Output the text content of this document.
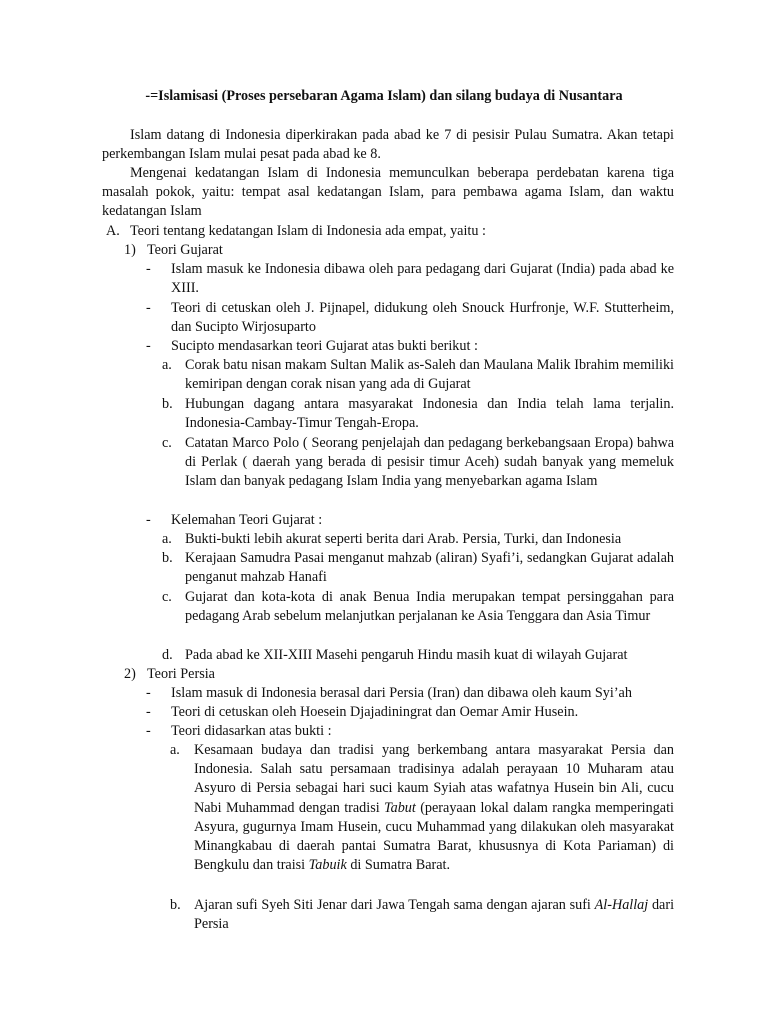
-=Islamisasi (Proses persebaran Agama Islam) dan silang budaya di Nusantara
Islam datang di Indonesia diperkirakan pada abad ke 7 di pesisir Pulau Sumatra. Akan tetapi perkembangan Islam mulai pesat pada abad ke 8.
Mengenai kedatangan Islam di Indonesia memunculkan beberapa perdebatan karena tiga masalah pokok, yaitu: tempat asal kedatangan Islam, para pembawa agama Islam, dan waktu kedatangan Islam
A. Teori tentang kedatangan Islam di Indonesia ada empat, yaitu :
1) Teori Gujarat
-	Islam masuk ke Indonesia dibawa oleh para pedagang dari Gujarat (India) pada abad ke XIII.
-	Teori di cetuskan oleh J. Pijnapel, didukung oleh Snouck Hurfronje, W.F. Stutterheim, dan Sucipto Wirjosuparto
-	Sucipto mendasarkan teori Gujarat atas bukti berikut :
a. Corak batu nisan makam Sultan Malik as-Saleh dan Maulana Malik Ibrahim memiliki kemiripan dengan corak nisan yang ada di Gujarat
b. Hubungan dagang antara masyarakat Indonesia dan India telah lama terjalin. Indonesia-Cambay-Timur Tengah-Eropa.
c. Catatan Marco Polo ( Seorang penjelajah dan pedagang berkebangsaan Eropa) bahwa di Perlak ( daerah yang berada di pesisir timur Aceh) sudah banyak yang memeluk Islam dan banyak pedagang Islam India yang menyebarkan agama Islam
-	Kelemahan Teori Gujarat :
a. Bukti-bukti lebih akurat seperti berita dari Arab. Persia, Turki, dan Indonesia
b. Kerajaan Samudra Pasai menganut mahzab (aliran) Syafi’i, sedangkan Gujarat adalah penganut mahzab Hanafi
c. Gujarat dan kota-kota di anak Benua India merupakan tempat persinggahan para pedagang Arab sebelum melanjutkan perjalanan ke Asia Tenggara dan Asia Timur
d. Pada abad ke XII-XIII Masehi pengaruh Hindu masih kuat di wilayah Gujarat
2) Teori Persia
-	Islam masuk di Indonesia berasal dari Persia (Iran) dan dibawa oleh kaum Syi’ah
-	Teori di cetuskan oleh Hoesein Djajadiningrat dan Oemar Amir Husein.
-	Teori didasarkan atas bukti :
a. Kesamaan budaya dan tradisi yang berkembang antara masyarakat Persia dan Indonesia. Salah satu persamaan tradisinya adalah perayaan 10 Muharam atau Asyuro di Persia sebagai hari suci kaum Syiah atas wafatnya Husein bin Ali, cucu Nabi Muhammad dengan tradisi Tabut (perayaan lokal dalam rangka memperingati Asyura, gugurnya Imam Husein, cucu Muhammad yang dilakukan oleh masyarakat Minangkabau di daerah pantai Sumatra Barat, khususnya di Kota Pariaman) di Bengkulu dan traisi Tabuik di Sumatra Barat.
b. Ajaran sufi Syeh Siti Jenar dari Jawa Tengah sama dengan ajaran sufi Al-Hallaj dari Persia
